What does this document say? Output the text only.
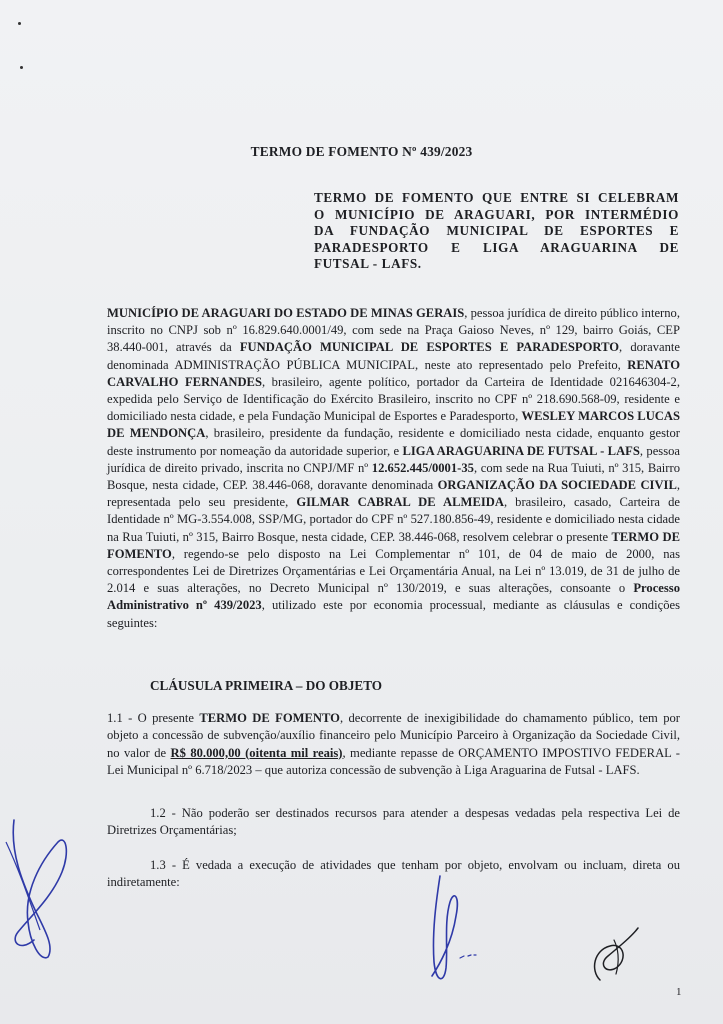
TERMO DE FOMENTO Nº 439/2023
TERMO DE FOMENTO QUE ENTRE SI CELEBRAM
O MUNICÍPIO DE ARAGUARI, POR INTERMÉDIO
DA FUNDAÇÃO MUNICIPAL DE ESPORTES E
PARADESPORTO E LIGA ARAGUARINA DE
FUTSAL - LAFS.
MUNICÍPIO DE ARAGUARI DO ESTADO DE MINAS GERAIS, pessoa jurídica de direito público interno, inscrito no CNPJ sob nº 16.829.640.0001/49, com sede na Praça Gaioso Neves, nº 129, bairro Goiás, CEP 38.440-001, através da FUNDAÇÃO MUNICIPAL DE ESPORTES E PARADESPORTO, doravante denominada ADMINISTRAÇÃO PÚBLICA MUNICIPAL, neste ato representado pelo Prefeito, RENATO CARVALHO FERNANDES, brasileiro, agente político, portador da Carteira de Identidade 021646304-2, expedida pelo Serviço de Identificação do Exército Brasileiro, inscrito no CPF nº 218.690.568-09, residente e domiciliado nesta cidade, e pela Fundação Municipal de Esportes e Paradesporto, WESLEY MARCOS LUCAS DE MENDONÇA, brasileiro, presidente da fundação, residente e domiciliado nesta cidade, enquanto gestor deste instrumento por nomeação da autoridade superior, e LIGA ARAGUARINA DE FUTSAL - LAFS, pessoa jurídica de direito privado, inscrita no CNPJ/MF nº 12.652.445/0001-35, com sede na Rua Tuiuti, nº 315, Bairro Bosque, nesta cidade, CEP. 38.446-068, doravante denominada ORGANIZAÇÃO DA SOCIEDADE CIVIL, representada pelo seu presidente, GILMAR CABRAL DE ALMEIDA, brasileiro, casado, Carteira de Identidade nº MG-3.554.008, SSP/MG, portador do CPF nº 527.180.856-49, residente e domiciliado nesta cidade na Rua Tuiuti, nº 315, Bairro Bosque, nesta cidade, CEP. 38.446-068, resolvem celebrar o presente TERMO DE FOMENTO, regendo-se pelo disposto na Lei Complementar nº 101, de 04 de maio de 2000, nas correspondentes Lei de Diretrizes Orçamentárias e Lei Orçamentária Anual, na Lei nº 13.019, de 31 de julho de 2.014 e suas alterações, no Decreto Municipal nº 130/2019, e suas alterações, consoante o Processo Administrativo nº 439/2023, utilizado este por economia processual, mediante as cláusulas e condições seguintes:
CLÁUSULA PRIMEIRA – DO OBJETO
1.1 - O presente TERMO DE FOMENTO, decorrente de inexigibilidade do chamamento público, tem por objeto a concessão de subvenção/auxílio financeiro pelo Município Parceiro à Organização da Sociedade Civil, no valor de R$ 80.000,00 (oitenta mil reais), mediante repasse de ORÇAMENTO IMPOSTIVO FEDERAL - Lei Municipal nº 6.718/2023 – que autoriza concessão de subvenção à Liga Araguarina de Futsal - LAFS.
1.2 - Não poderão ser destinados recursos para atender a despesas vedadas pela respectiva Lei de Diretrizes Orçamentárias;
1.3 - É vedada a execução de atividades que tenham por objeto, envolvam ou incluam, direta ou indiretamente:
1
